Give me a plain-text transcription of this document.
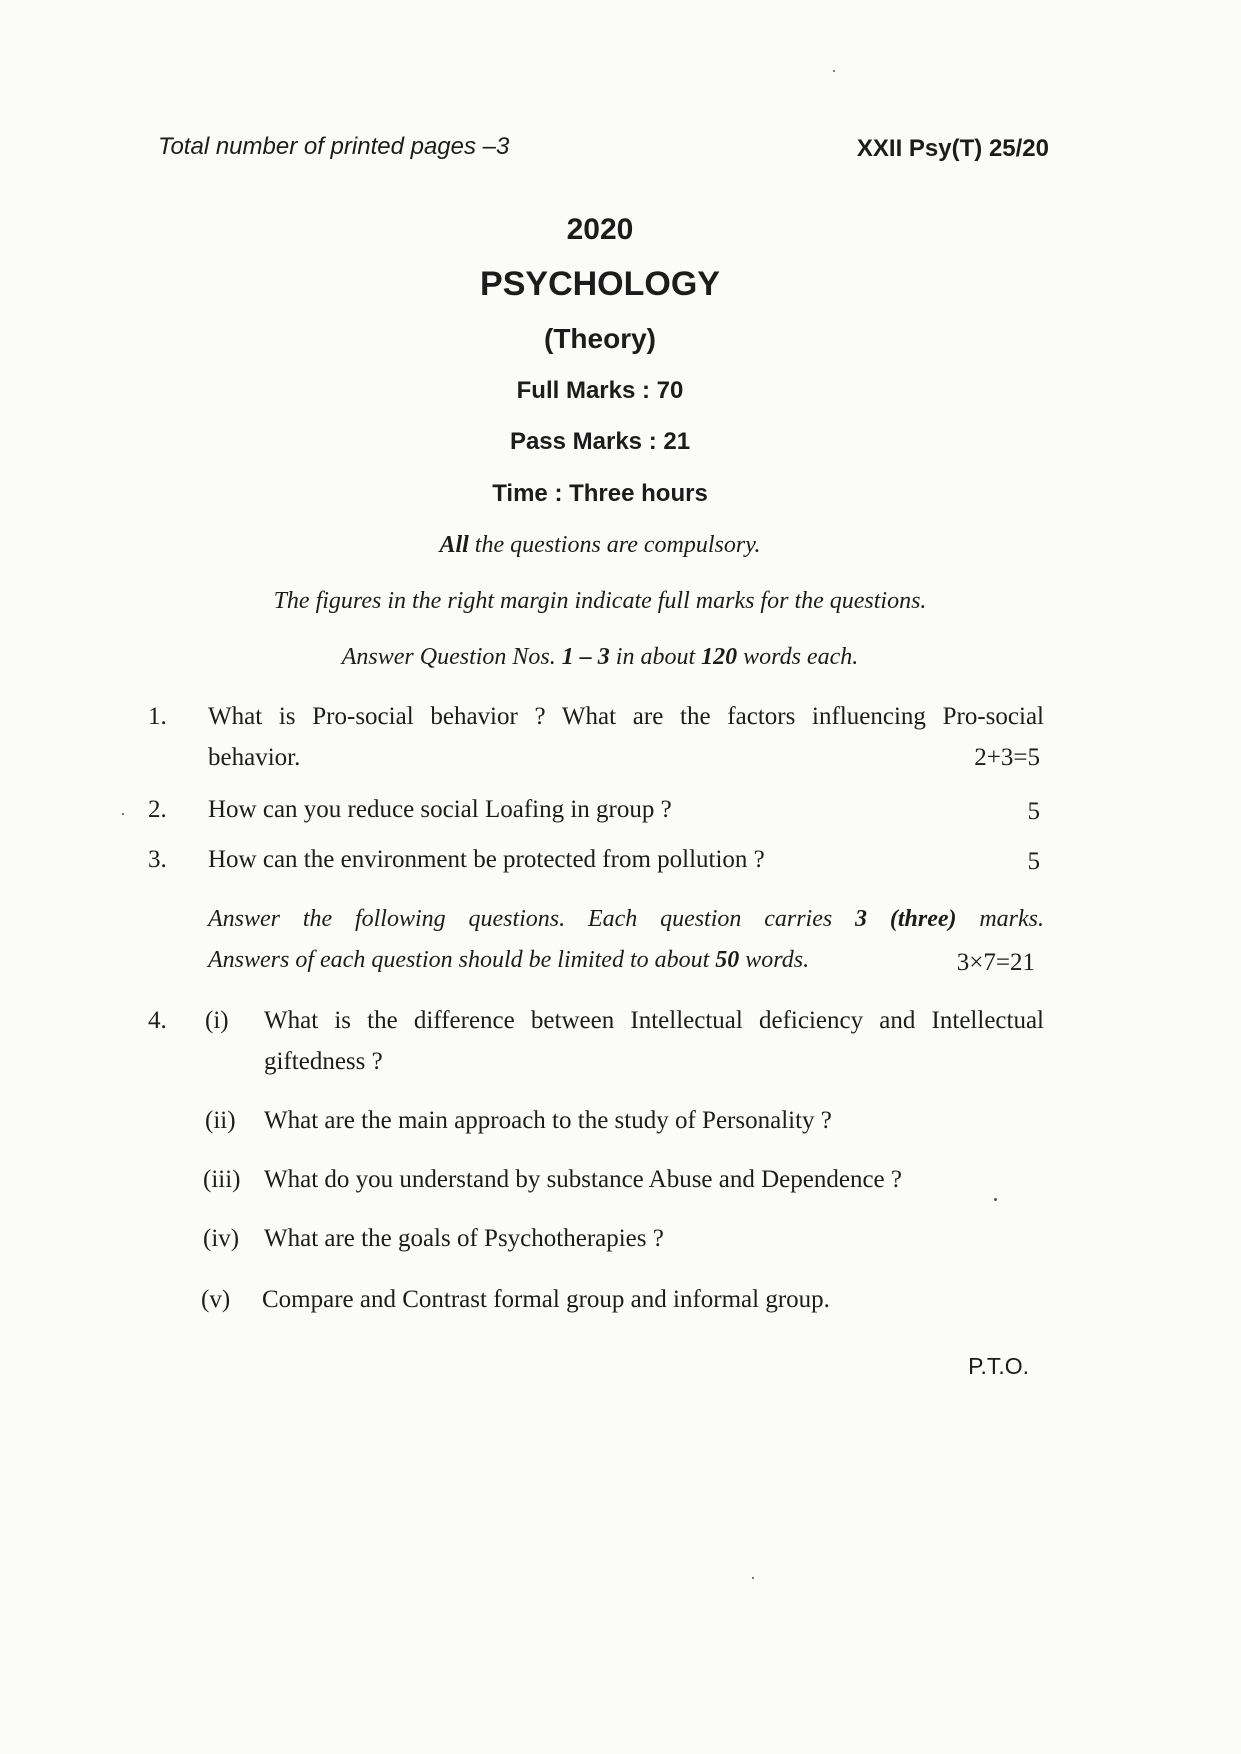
Total number of printed pages –3	XXII Psy(T) 25/20
2020
PSYCHOLOGY
(Theory)
Full Marks : 70
Pass Marks : 21
Time : Three hours
All the questions are compulsory.
The figures in the right margin indicate full marks for the questions.
Answer Question Nos. 1 – 3 in about 120 words each.
1. What is Pro-social behavior ? What are the factors influencing Pro-social
behavior.	2+3=5
2. How can you reduce social Loafing in group ?	5
3. How can the environment be protected from pollution ?	5
Answer the following questions. Each question carries 3 (three) marks.
Answers of each question should be limited to about 50 words.	3×7=21
4. (i) What is the difference between Intellectual deficiency and Intellectual
giftedness ?
(ii) What are the main approach to the study of Personality ?
(iii) What do you understand by substance Abuse and Dependence ?
(iv) What are the goals of Psychotherapies ?
(v) Compare and Contrast formal group and informal group.
P.T.O.
